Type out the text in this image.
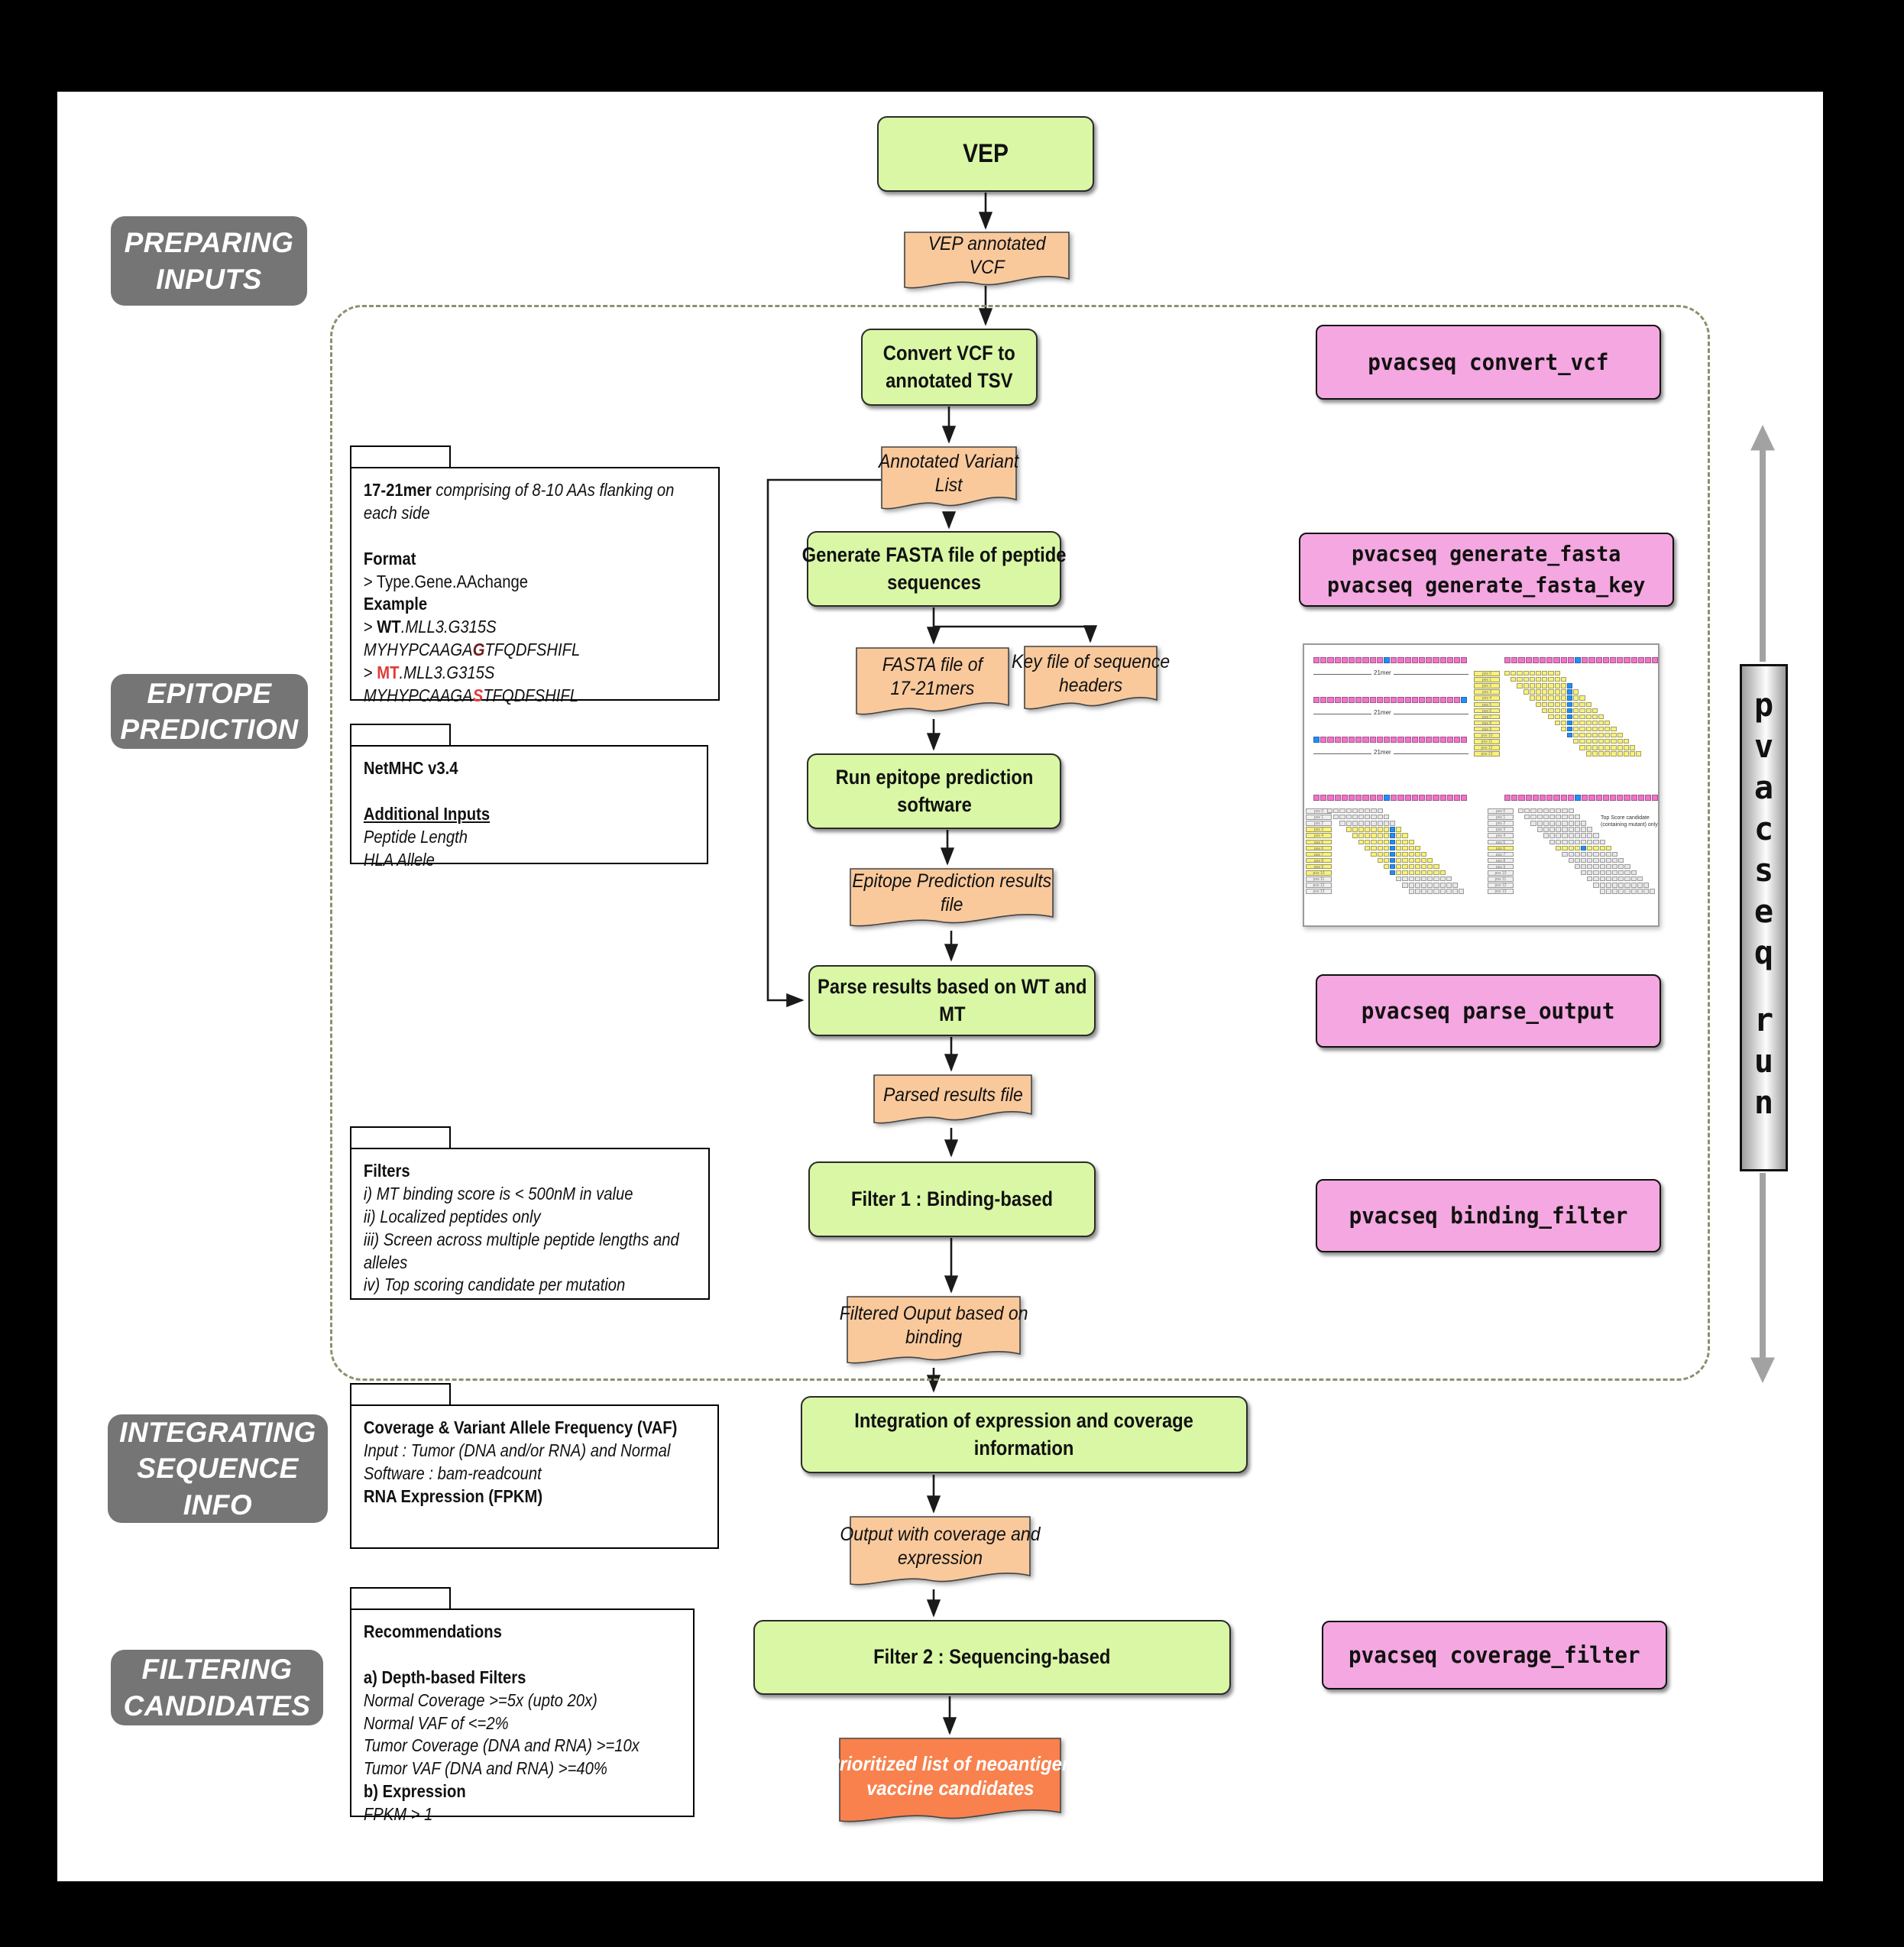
PREPARING
INPUTS
EPITOPE
PREDICTION
INTEGRATING
SEQUENCE
INFO
FILTERING
CANDIDATES
VEP
Convert VCF to
annotated TSV
Generate FASTA file of peptide
sequences
Run epitope prediction
software
Parse results based on WT and
MT
Filter 1 : Binding-based
Integration of expression and coverage
information
Filter 2 : Sequencing-based
VEP annotated
VCF
Annotated Variant
List
FASTA file of
17-21mers
Key file of sequence
headers
Epitope Prediction results
file
Parsed results file
Filtered Ouput based on
binding
Output with coverage and
expression
Prioritized list of neoantigen
vaccine candidates
pvacseq convert_vcf
pvacseq generate_fasta
pvacseq generate_fasta_key
pvacseq parse_output
pvacseq binding_filter
pvacseq coverage_filter
17-21mer comprising of 8-10 AAs flanking on
each side

Format
> Type.Gene.AAchange
Example
> WT.MLL3.G315S
MYHYPCAAGAGTFQDFSHIFL
> MT.MLL3.G315S
MYHYPCAAGASTFQDFSHIFL
NetMHC v3.4

Additional Inputs
Peptide Length
HLA Allele
Filters
i) MT binding score is < 500nM in value
ii) Localized peptides only
iii) Screen across multiple peptide lengths and
alleles
iv) Top scoring candidate per mutation
Coverage & Variant Allele Frequency (VAF)
Input : Tumor (DNA and/or RNA) and Normal
Software : bam-readcount
RNA Expression (FPKM)
Recommendations

a) Depth-based Filters
Normal Coverage >=5x (upto 20x)
Normal VAF of <=2%
Tumor Coverage (DNA and RNA) >=10x
Tumor VAF (DNA and RNA) >=40%
b) Expression
FPKM > 1
p
v
a
c
s
e
q
r
u
n
21mer
21mer
21mer
pos 0
pos 1
pos 2
pos 3
pos 4
pos 5
pos 6
pos 7
pos 8
pos 9
pos 10
pos 11
pos 12
pos 13
pos 0
pos 1
pos 2
pos 3
pos 4
pos 5
pos 6
pos 7
pos 8
pos 9
pos 10
pos 11
pos 12
pos 13
pos 0
pos 1
pos 2
pos 3
pos 4
pos 5
pos 6
pos 7
pos 8
pos 9
pos 10
pos 11
pos 12
pos 13
Top Score candidate
(containing mutant) only
